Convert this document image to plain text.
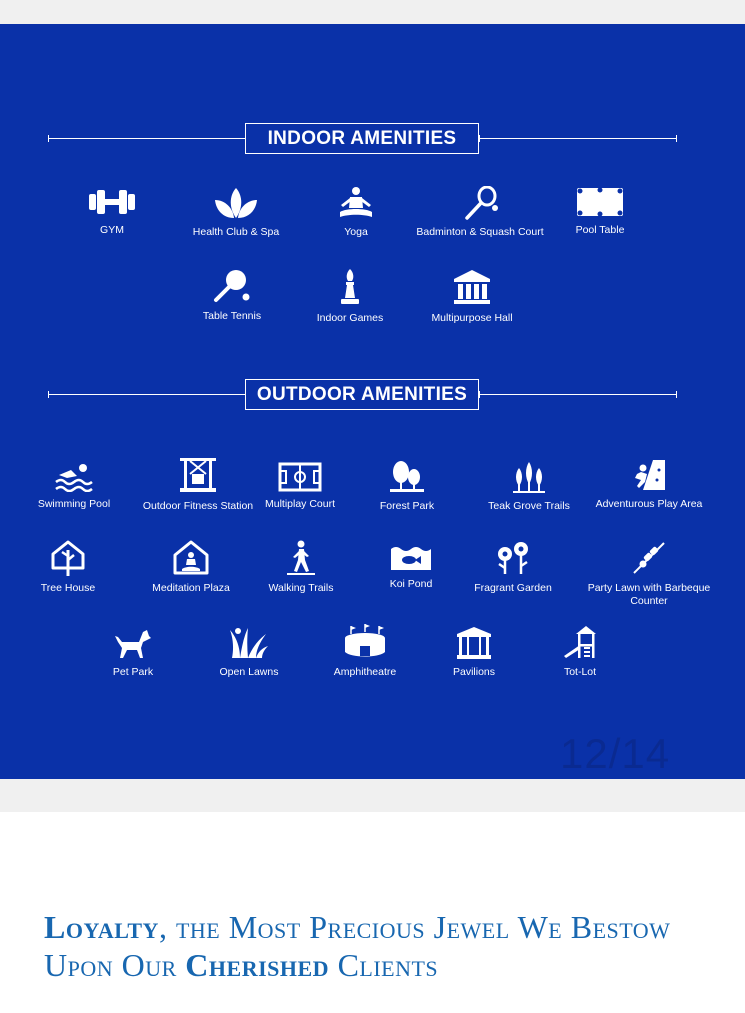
INDOOR AMENITIES
GYM	Health Club & Spa	Yoga	Badminton & Squash Court	Pool Table
Table Tennis	Indoor Games	Multipurpose Hall
OUTDOOR AMENITIES
Swimming Pool	Outdoor Fitness Station	Multiplay Court	Forest Park	Teak Grove Trails	Adventurous Play Area
Tree House	Meditation Plaza	Walking Trails	Koi Pond	Fragrant Garden	Party Lawn with Barbeque Counter
Pet Park	Open Lawns	Amphitheatre	Pavilions	Tot-Lot
12/14
Loyalty, the Most Precious Jewel We Bestow Upon Our Cherished Clients
